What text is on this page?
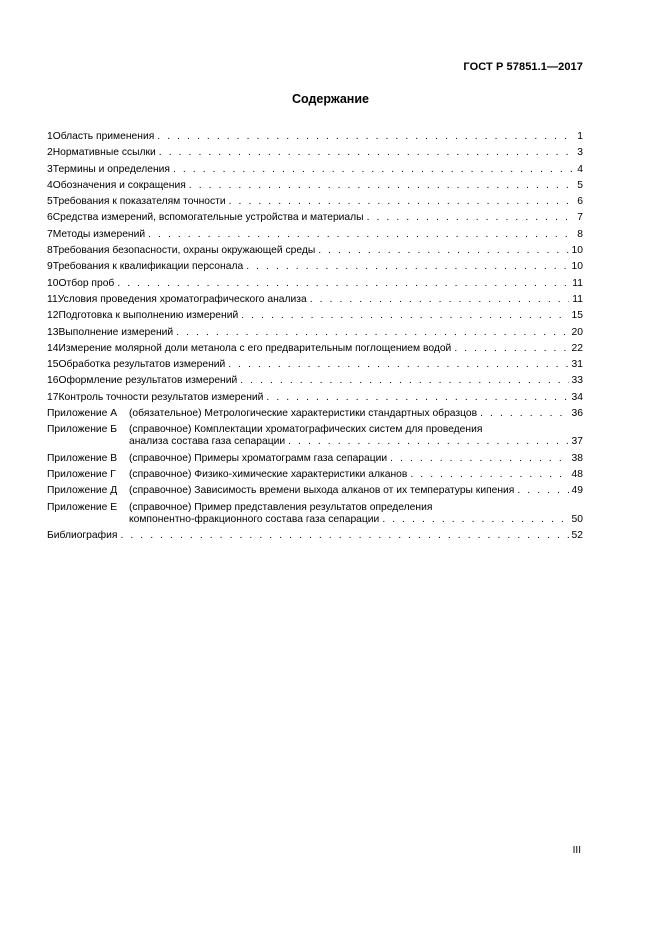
ГОСТ Р 57851.1—2017
Содержание
1 Область применения . . .	1
2 Нормативные ссылки . . .	3
3 Термины и определения . . .	4
4 Обозначения и сокращения . . .	5
5 Требования к показателям точности . . .	6
6 Средства измерений, вспомогательные устройства и материалы . . .	7
7 Методы измерений . . .	8
8 Требования безопасности, охраны окружающей среды . . .	10
9 Требования к квалификации персонала . . .	10
10 Отбор проб . . .	11
11 Условия проведения хроматографического анализа . . .	11
12 Подготовка к выполнению измерений . . .	15
13 Выполнение измерений . . .	20
14 Измерение молярной доли метанола с его предварительным поглощением водой . . .	22
15 Обработка результатов измерений . . .	31
16 Оформление результатов измерений . . .	33
17 Контроль точности результатов измерений . . .	34
Приложение А	(обязательное) Метрологические характеристики стандартных образцов . . .	36
Приложение Б	(справочное) Комплектации хроматографических систем для проведения
анализа состава газа сепарации . . .	37
Приложение В	(справочное) Примеры хроматограмм газа сепарации . . .	38
Приложение Г	(справочное) Физико-химические характеристики алканов . . .	48
Приложение Д	(справочное) Зависимость времени выхода алканов от их температуры кипения . . .	49
Приложение Е	(справочное) Пример представления результатов определения
компонентно-фракционного состава газа сепарации . . .	50
Библиография . . .	52
III
